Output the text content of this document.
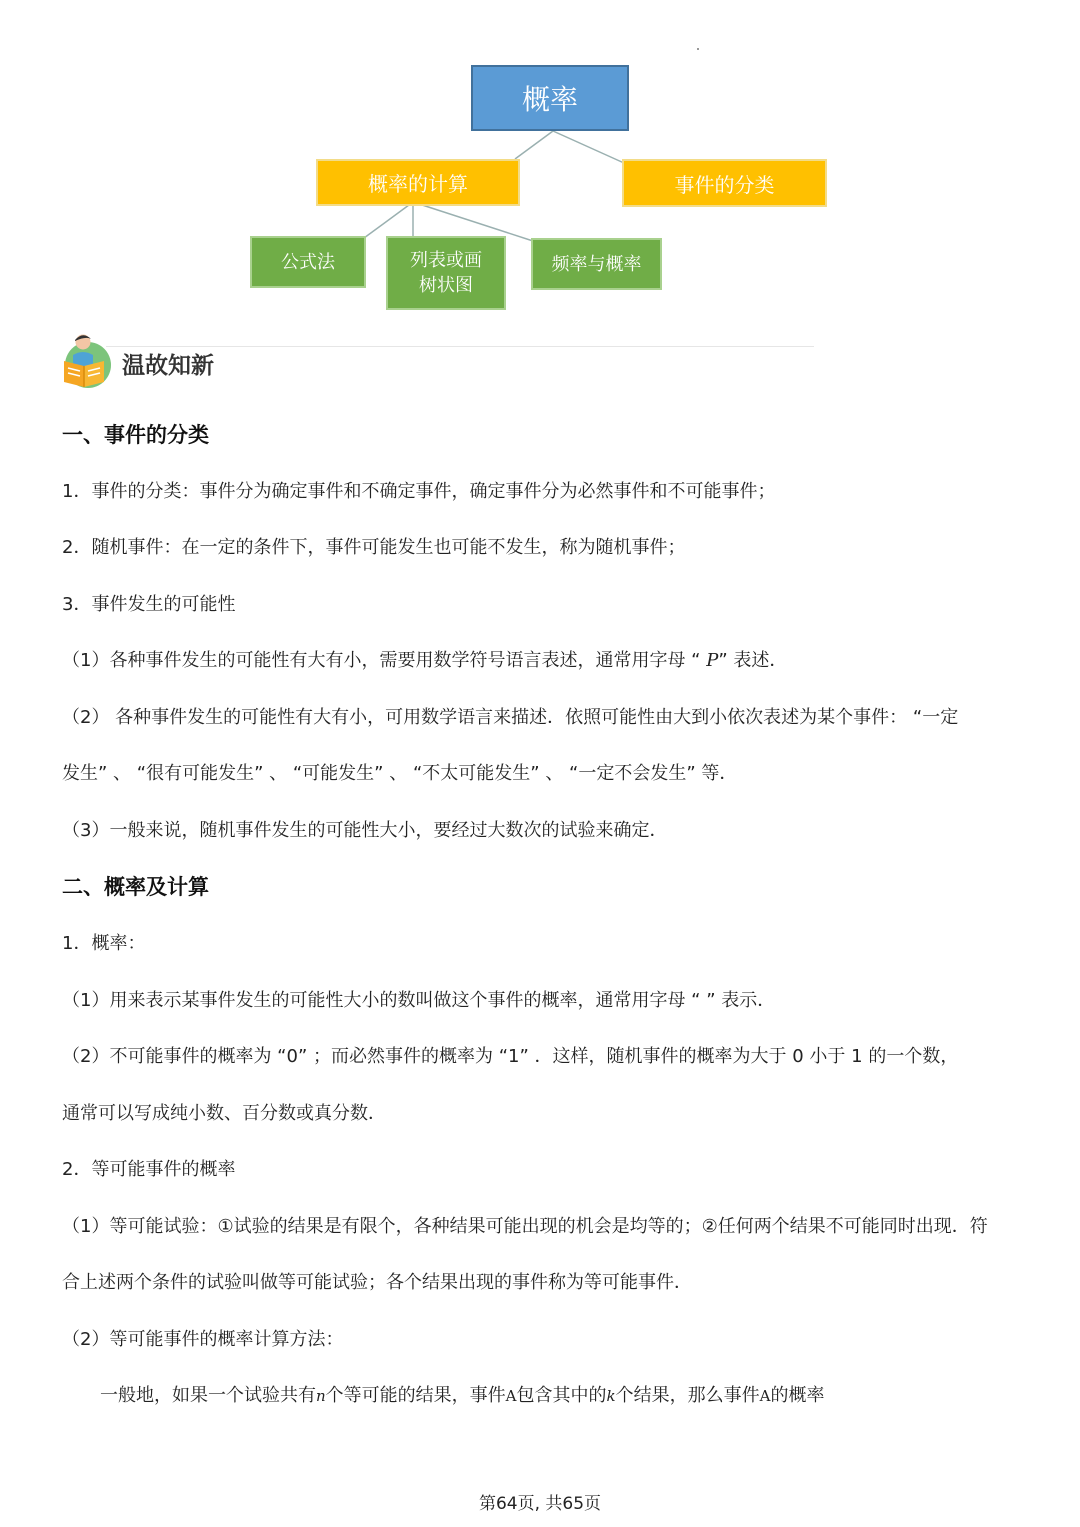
概率
概率的计算	事件的分类
公式法	列表或画
树状图
频率与概率
温故知新
一、事件的分类
1．事件的分类：事件分为确定事件和不确定事件，确定事件分为必然事件和不可能事件；
2．随机事件：在一定的条件下，事件可能发生也可能不发生，称为随机事件；
3．事件发生的可能性
（1）各种事件发生的可能性有大有小，需要用数学符号语言表述，通常用字母 “ P” 表述．
（2） 各种事件发生的可能性有大有小，可用数学语言来描述．依照可能性由大到小依次表述为某个事件： “一定
发生” 、 “很有可能发生” 、 “可能发生” 、 “不太可能发生” 、 “一定不会发生” 等．
（3）一般来说，随机事件发生的可能性大小，要经过大数次的试验来确定．
二、概率及计算
1．概率：
（1）用来表示某事件发生的可能性大小的数叫做这个事件的概率，通常用字母 “ ” 表示．
（2）不可能事件的概率为 “0” ；而必然事件的概率为 “1” ．这样，随机事件的概率为大于 0 小于 1 的一个数，
通常可以写成纯小数、百分数或真分数．
2．等可能事件的概率
（1）等可能试验：①试验的结果是有限个，各种结果可能出现的机会是均等的；②任何两个结果不可能同时出现．符
合上述两个条件的试验叫做等可能试验；各个结果出现的事件称为等可能事件．
（2）等可能事件的概率计算方法：
一般地，如果一个试验共有n个等可能的结果，事件A包含其中的k个结果，那么事件A的概率
第64页, 共65页
